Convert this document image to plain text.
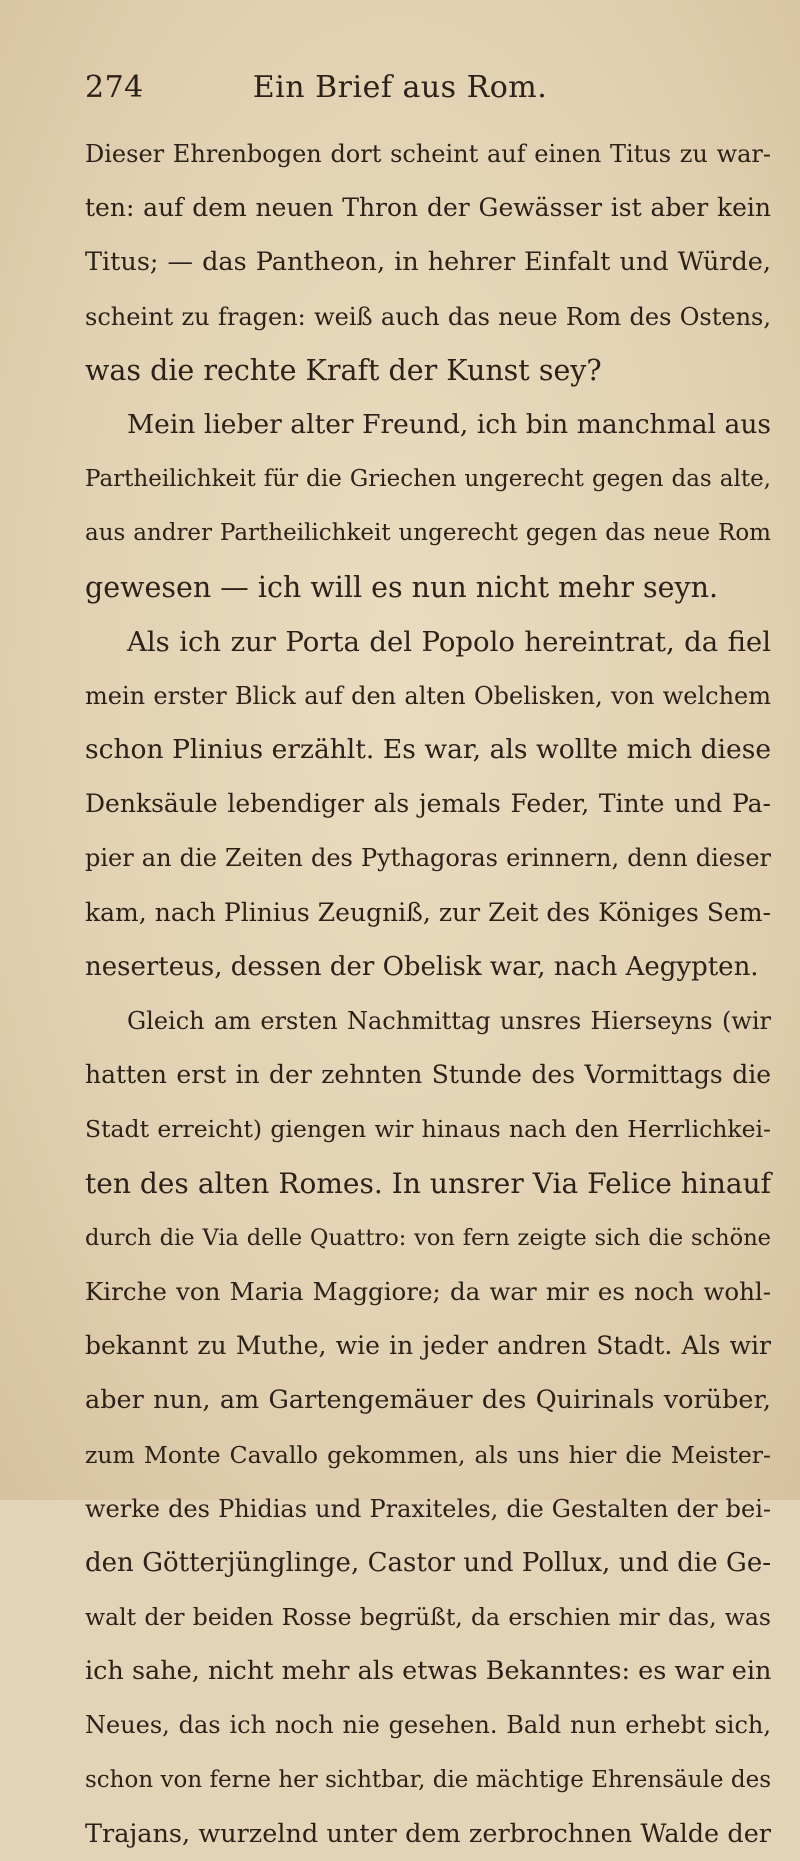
274	Ein Brief aus Rom.
Dieser Ehrenbogen dort scheint auf einen Titus zu war-
ten: auf dem neuen Thron der Gewässer ist aber kein
Titus; — das Pantheon, in hehrer Einfalt und Würde,
scheint zu fragen: weiß auch das neue Rom des Ostens,
was die rechte Kraft der Kunst sey?
Mein lieber alter Freund, ich bin manchmal aus
Partheilichkeit für die Griechen ungerecht gegen das alte,
aus andrer Partheilichkeit ungerecht gegen das neue Rom
gewesen — ich will es nun nicht mehr seyn.
Als ich zur Porta del Popolo hereintrat, da fiel
mein erster Blick auf den alten Obelisken, von welchem
schon Plinius erzählt. Es war, als wollte mich diese
Denksäule lebendiger als jemals Feder, Tinte und Pa-
pier an die Zeiten des Pythagoras erinnern, denn dieser
kam, nach Plinius Zeugniß, zur Zeit des Königes Sem-
neserteus, dessen der Obelisk war, nach Aegypten.
Gleich am ersten Nachmittag unsres Hierseyns (wir
hatten erst in der zehnten Stunde des Vormittags die
Stadt erreicht) giengen wir hinaus nach den Herrlichkei-
ten des alten Romes. In unsrer Via Felice hinauf
durch die Via delle Quattro: von fern zeigte sich die schöne
Kirche von Maria Maggiore; da war mir es noch wohl-
bekannt zu Muthe, wie in jeder andren Stadt. Als wir
aber nun, am Gartengemäuer des Quirinals vorüber,
zum Monte Cavallo gekommen, als uns hier die Meister-
werke des Phidias und Praxiteles, die Gestalten der bei-
den Götterjünglinge, Castor und Pollux, und die Ge-
walt der beiden Rosse begrüßt, da erschien mir das, was
ich sahe, nicht mehr als etwas Bekanntes: es war ein
Neues, das ich noch nie gesehen. Bald nun erhebt sich,
schon von ferne her sichtbar, die mächtige Ehrensäule des
Trajans, wurzelnd unter dem zerbrochnen Walde der
